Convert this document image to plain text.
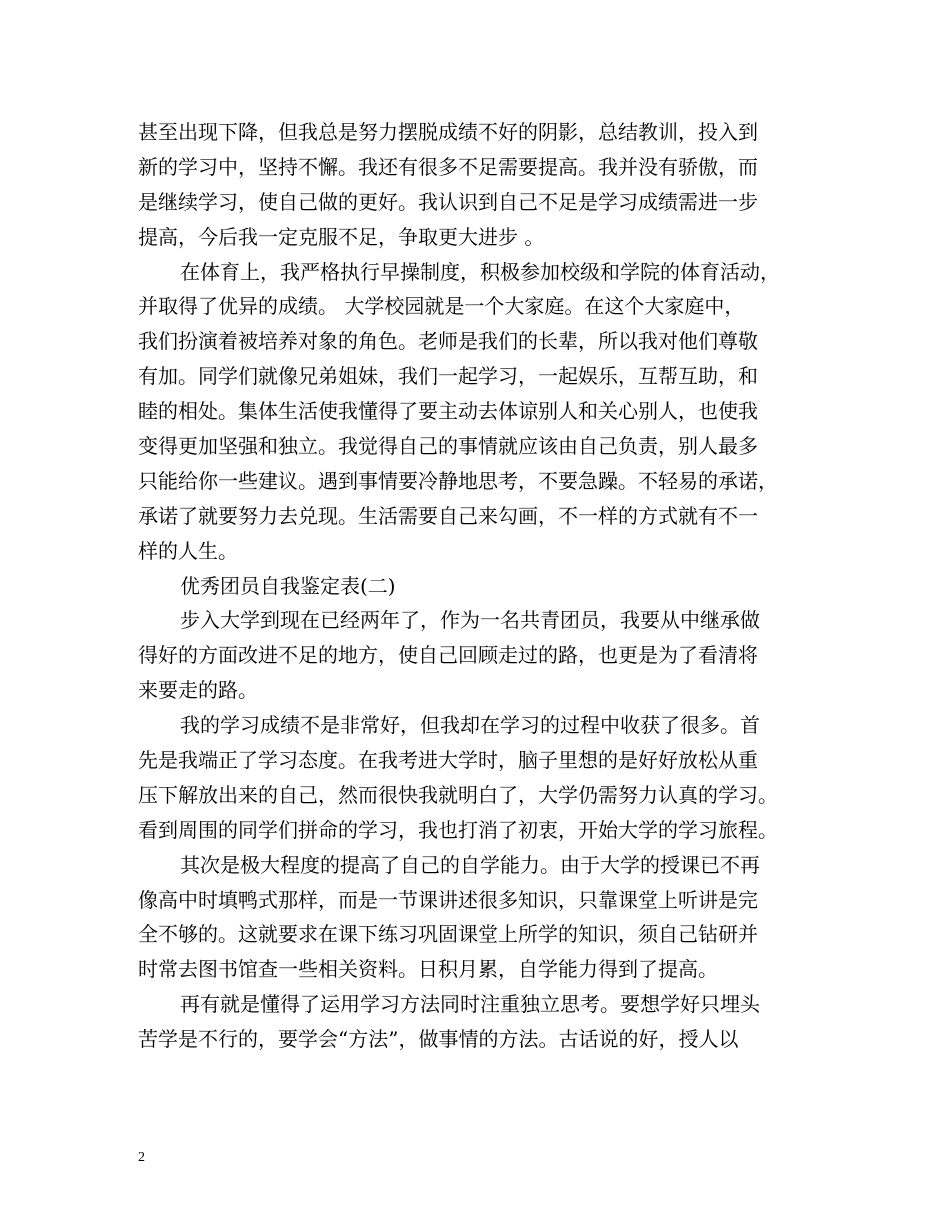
甚至出现下降，但我总是努力摆脱成绩不好的阴影，总结教训，投入到
新的学习中，坚持不懈。我还有很多不足需要提高。我并没有骄傲，而
是继续学习，使自己做的更好。我认识到自己不足是学习成绩需进一步
提高，今后我一定克服不足，争取更大进步 。
在体育上，我严格执行早操制度，积极参加校级和学院的体育活动，
并取得了优异的成绩。 大学校园就是一个大家庭。在这个大家庭中，
我们扮演着被培养对象的角色。老师是我们的长辈，所以我对他们尊敬
有加。同学们就像兄弟姐妹，我们一起学习，一起娱乐，互帮互助，和
睦的相处。集体生活使我懂得了要主动去体谅别人和关心别人，也使我
变得更加坚强和独立。我觉得自己的事情就应该由自己负责，别人最多
只能给你一些建议。遇到事情要冷静地思考，不要急躁。不轻易的承诺，
承诺了就要努力去兑现。生活需要自己来勾画，不一样的方式就有不一
样的人生。
优秀团员自我鉴定表(二)
步入大学到现在已经两年了，作为一名共青团员，我要从中继承做
得好的方面改进不足的地方，使自己回顾走过的路，也更是为了看清将
来要走的路。
我的学习成绩不是非常好，但我却在学习的过程中收获了很多。首
先是我端正了学习态度。在我考进大学时，脑子里想的是好好放松从重
压下解放出来的自己，然而很快我就明白了，大学仍需努力认真的学习。
看到周围的同学们拼命的学习，我也打消了初衷，开始大学的学习旅程。
其次是极大程度的提高了自己的自学能力。由于大学的授课已不再
像高中时填鸭式那样，而是一节课讲述很多知识，只靠课堂上听讲是完
全不够的。这就要求在课下练习巩固课堂上所学的知识，须自己钻研并
时常去图书馆查一些相关资料。日积月累，自学能力得到了提高。
再有就是懂得了运用学习方法同时注重独立思考。要想学好只埋头
苦学是不行的，要学会“方法”，做事情的方法。古话说的好，授人以
2
